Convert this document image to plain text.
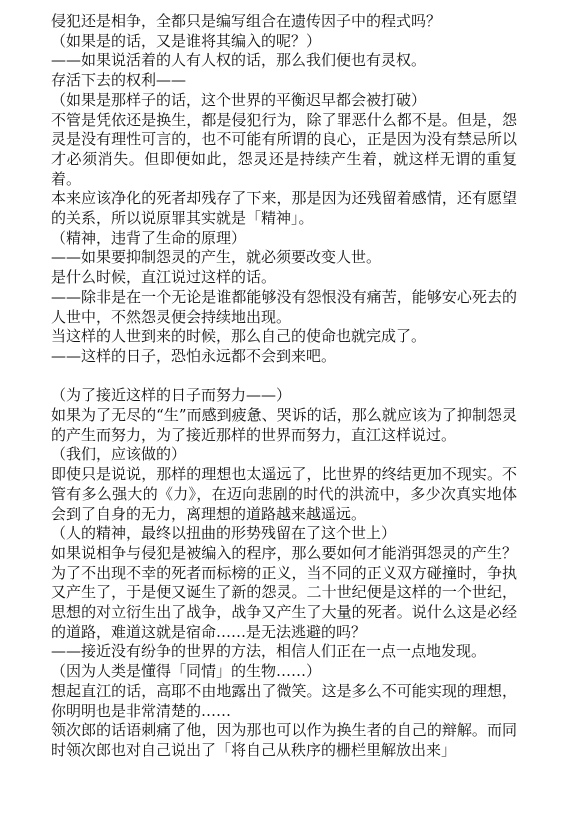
侵犯还是相争，全都只是编写组合在遗传因子中的程式吗？

（如果是的话，又是谁将其编入的呢？）

——如果说活着的人有人权的话，那么我们便也有灵权。

存活下去的权利——

（如果是那样子的话，这个世界的平衡迟早都会被打破）

不管是凭依还是换生，都是侵犯行为，除了罪恶什么都不是。但是，怨灵是没有理性可言的，也不可能有所谓的良心，正是因为没有禁忌所以才必须消失。但即便如此，怨灵还是持续产生着，就这样无谓的重复着。

本来应该净化的死者却残存了下来，那是因为还残留着感情，还有愿望的关系，所以说原罪其实就是「精神」。

（精神，违背了生命的原理）

——如果要抑制怨灵的产生，就必须要改变人世。

是什么时候，直江说过这样的话。

——除非是在一个无论是谁都能够没有怨恨没有痛苦，能够安心死去的人世中，不然怨灵便会持续地出现。

当这样的人世到来的时候，那么自己的使命也就完成了。

——这样的日子，恐怕永远都不会到来吧。

（为了接近这样的日子而努力——）

如果为了无尽的“生”而感到疲惫、哭诉的话，那么就应该为了抑制怨灵的产生而努力，为了接近那样的世界而努力，直江这样说过。

（我们，应该做的）

即使只是说说，那样的理想也太遥远了，比世界的终结更加不现实。不管有多么强大的《力》，在迈向悲剧的时代的洪流中，多少次真实地体会到了自身的无力，离理想的道路越来越遥远。

（人的精神，最终以扭曲的形势残留在了这个世上）

如果说相争与侵犯是被编入的程序，那么要如何才能消弭怨灵的产生？为了不出现不幸的死者而标榜的正义，当不同的正义双方碰撞时，争执又产生了，于是便又诞生了新的怨灵。二十世纪便是这样的一个世纪，思想的对立衍生出了战争，战争又产生了大量的死者。说什么这是必经的道路，难道这就是宿命……是无法逃避的吗？

——接近没有纷争的世界的方法，相信人们正在一点一点地发现。

（因为人类是懂得「同情」的生物……）

想起直江的话，高耶不由地露出了微笑。这是多么不可能实现的理想，你明明也是非常清楚的……

领次郎的话语刺痛了他，因为那也可以作为换生者的自己的辩解。而同时领次郎也对自己说出了「将自己从秩序的栅栏里解放出来」
